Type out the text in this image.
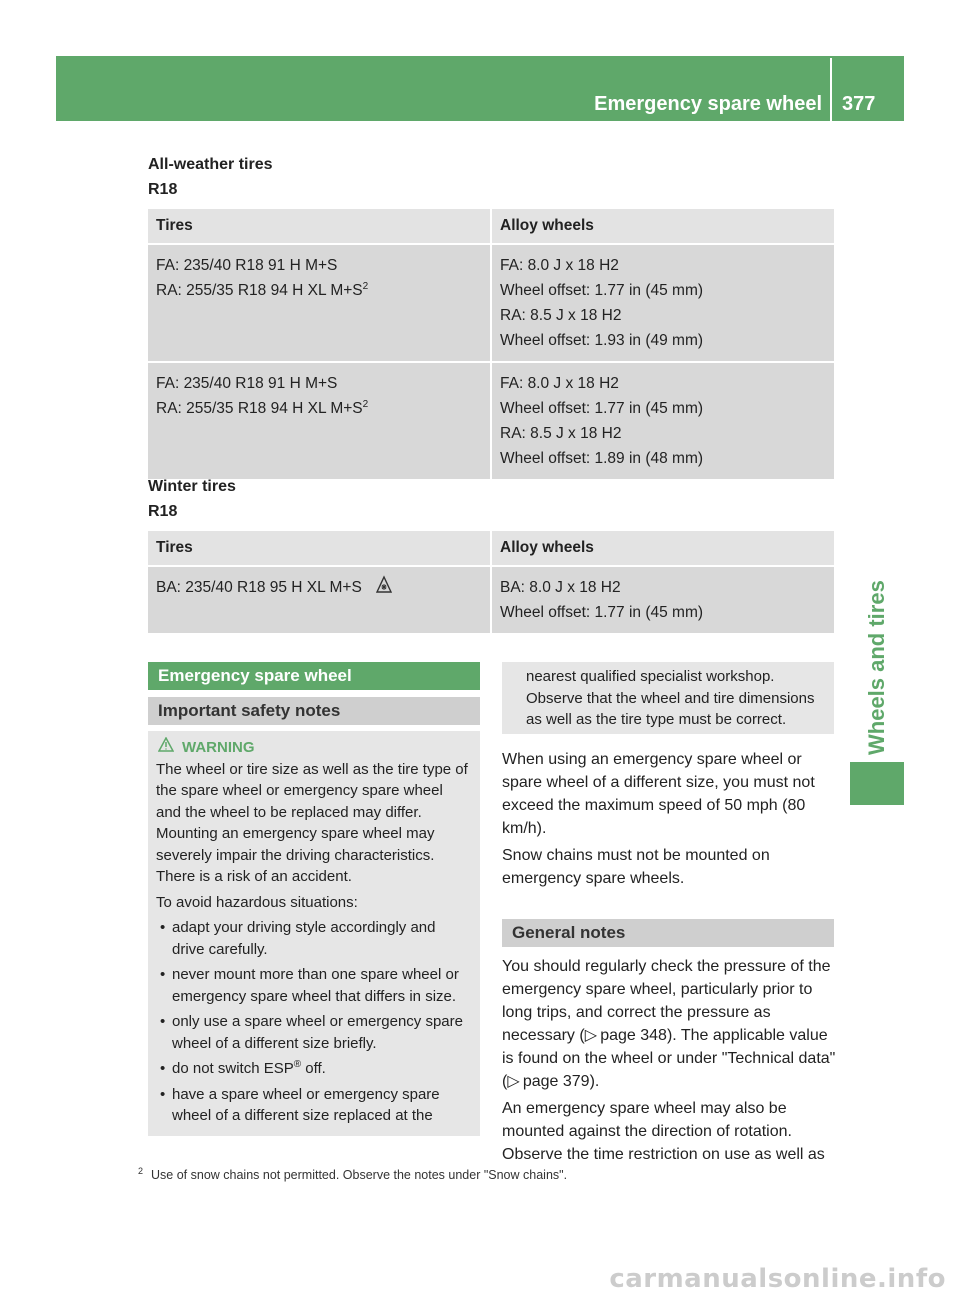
Emergency spare wheel 377
Wheels and tires
All-weather tires
R18
Tires	Alloy wheels

FA: 235/40 R18 91 H M+S
RA: 255/35 R18 94 H XL $M+S^2$	FA: 8.0 J x 18 H2
Wheel offset: 1.77 in (45 mm)
RA: 8.5 J x 18 H2
Wheel offset: 1.93 in (49 mm)

FA: 235/40 R18 91 H M+S
RA: 255/35 R18 94 H XL $M+S^2$	FA: 8.0 J x 18 H2
Wheel offset: 1.77 in (45 mm)
RA: 8.5 J x 18 H2
Wheel offset: 1.89 in (48 mm)
Winter tires
R18
Tires	Alloy wheels
BA: 235/40 R18 95 H XL M+S	BA: 8.0 J x 18 H2
Wheel offset: 1.77 in (45 mm)
Emergency spare wheel
Important safety notes
WARNING

The wheel or tire size as well as the tire type of the spare wheel or emergency spare wheel and the wheel to be replaced may differ. Mounting an emergency spare wheel may severely impair the driving characteristics. There is a risk of an accident.

To avoid hazardous situations:

• adapt your driving style accordingly and drive carefully.
• never mount more than one spare wheel or emergency spare wheel that differs in size.
• only use a spare wheel or emergency spare wheel of a different size briefly.
• do not switch ESP® off.
• have a spare wheel or emergency spare wheel of a different size replaced at the
nearest qualified specialist workshop. Observe that the wheel and tire dimensions as well as the tire type must be correct.

When using an emergency spare wheel or spare wheel of a different size, you must not exceed the maximum speed of 50 mph (80 km/h).

Snow chains must not be mounted on emergency spare wheels.

General notes

You should regularly check the pressure of the emergency spare wheel, particularly prior to long trips, and correct the pressure as necessary (▷  page 348). The applicable value is found on the wheel or under "Technical data" (▷  page 379).

An emergency spare wheel may also be mounted against the direction of rotation. Observe the time restriction on use as well as

$^2$ Use of snow chains not permitted. Observe the notes under "Snow chains".
carmanualsonline.info
